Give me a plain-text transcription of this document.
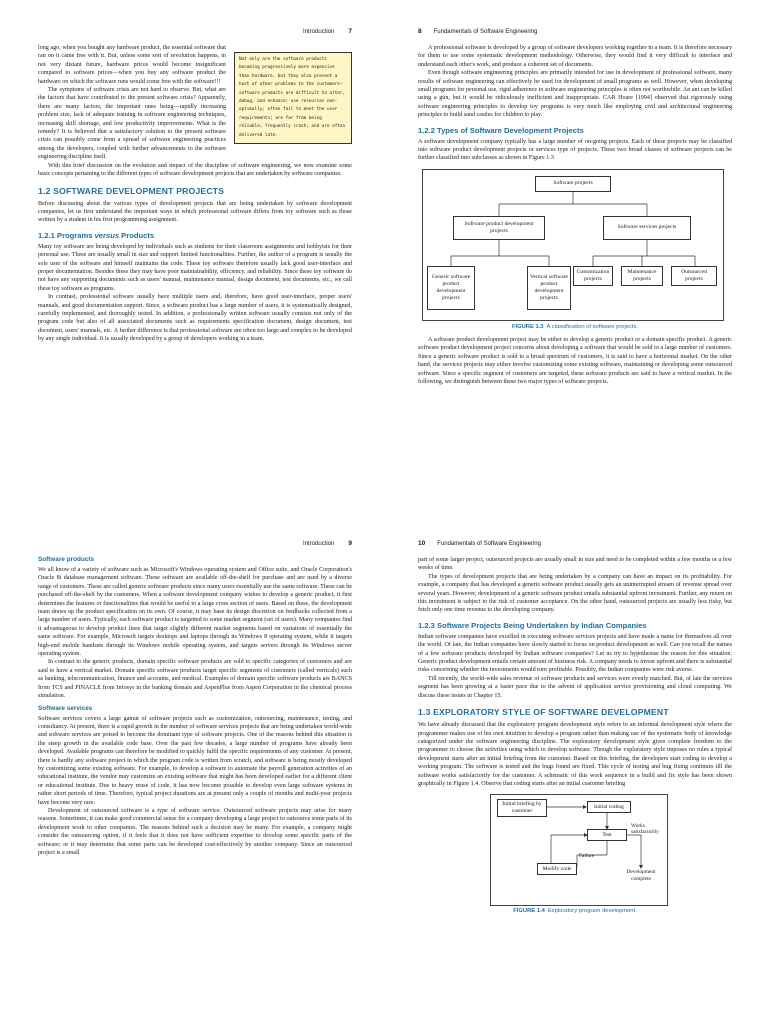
Introduction 7
Not only are the software products becoming progressively more expensive than hardware, but they also present a host of other problems to the customers—software products are difficult to alter, debug, and enhance; use resources non-optimally; often fail to meet the user requirements; are far from being reliable; frequently crash; and are often delivered late.

long ago, when you bought any hardware product, the essential software that ran on it came free with it. But, unless some sort of revolution happens, in not very distant future, hardware prices would become insignificant compared to software prices—when you buy any software product the hardware on which the software runs would come free with the software!!!

The symptoms of software crisis are not hard to observe. But, what are the factors that have contributed to the present software crisis? Apparently, there are many factors, the important ones being—rapidly increasing problem size, lack of adequate training in software engineering techniques, increasing skill shortage, and low productivity improvements. What is the remedy? It is believed that a satisfactory solution to the present software crisis can possibly come from a spread of software engineering practices among the developers, coupled with further advancements to the software engineering discipline itself.

With this brief discussion on the evolution and impact of the discipline of software engineering, we now examine some basic concepts pertaining to the different types of software development projects that are undertaken by software companies.

1.2 SOFTWARE DEVELOPMENT PROJECTS

Before discussing about the various types of development projects that are being undertaken by software development companies, let us first understand the important ways in which professional software differs from toy software such as those written by a student in his first programming assignment.

1.2.1 Programs versus Products

Many toy software are being developed by individuals such as students for their classroom assignments and hobbyists for their personal use. These are usually small in size and support limited functionalities. Further, the author of a program is usually the sole user of the software and himself maintains the code. These toy software therefore usually lack good user-interface and proper documentation. Besides these they may have poor maintainability, efficiency, and reliability. Since these toy software do not have any supporting documents such as users' manual, maintenance manual, design document, test documents, etc., we call these toy software as programs.

In contrast, professional software usually have multiple users and, therefore, have good user-interface, proper users' manuals, and good documentation support. Since, a software product has a large number of users, it is systematically designed, carefully implemented, and thoroughly tested. In addition, a professionally written software usually consists not only of the program code but also of all associated documents such as requirements specification document, design document, test document, users' manuals, etc. A further difference is that professional software are often too large and complex to be developed by any single individual. It is usually developed by a group of developers working in a team.

8 Fundamentals of Software Engineering

A professional software is developed by a group of software developers working together in a team. It is therefore necessary for them to use some systematic development methodology. Otherwise, they would find it very difficult to interface and understand each other's work, and produce a coherent set of documents.

Even though software engineering principles are primarily intended for use in development of professional software, many results of software engineering can effectively be used for development of small programs as well. However, when developing small programs for personal use, rigid adherence to software engineering principles is often not worthwhile. An ant can be killed using a gun, but it would be ridiculously inefficient and inappropriate. CAR Hoare [1994] observed that rigorously using software engineering principles to develop toy programs is very much like employing civil and architectural engineering principles to build sand castles for children to play.

1.2.2 Types of Software Development Projects

A software development company typically has a large number of on-going projects. Each of these projects may be classified into software product development projects or services type of projects. These two broad classes of software projects can be further classified into subclasses as shown in Figure 1.3

Software projects
Software product development projects
Software services projects
Generic software product development projects
Vertical software product development projects
Customization projects
Maintenance projects
Outsourced projects
FIGURE 1.3 A classification of software projects.

A software product development project may be either to develop a generic product or a domain specific product. A generic software product development project concerns about developing a software that would be sold to a large number of customers. Since a generic software product is sold to a broad spectrum of customers, it is said to have a horizontal market. On the other hand, the services projects may either involve customizing some existing software, maintaining or developing some outsourced software. Since a specific segment of customers are targeted, these software products are said to have a vertical market. In the following, we distinguish between these two major types of software projects.

Introduction 9
Software products

We all know of a variety of software such as Microsoft's Windows operating system and Office suite, and Oracle Corporation's Oracle 8i database management software. These software are available off-the-shelf for purchase and are used by a diverse range of customers. These are called generic software products since many users essentially use the same software. These can be purchased off-the-shelf by the customers. When a software development company wishes to develop a generic product, it first determines the features or functionalities that would be useful to a large cross section of users. Based on these, the development team draws up the product specification on its own. Of course, it may base its design discretion on feedbacks collected from a large number of users. Typically, each software product is targetted to some market segment (set of users). Many companies find it advantageous to develop product lines that target slightly different market segments based on variations of essentially the same software. For example, Microsoft targets desktops and laptops through its Windows 8 operating system, while it targets high-end mobile handsets through its Windows mobile operating system, and targets servers through its Windows server operating system.

In contrast to the generic products, domain specific software products are sold to specific categories of customers and are said to have a vertical market. Domain specific software products target specific segments of customers (called verticals) such as banking, telecommunication, finance and accounts, and medical. Examples of domain specific software products are BANCS from TCS and FINACLE from Infosys in the banking domain and AspenPlus from Aspen Corporation in the chemical process simulation.

Software services

Software services covers a large gamut of software projects such as customization, outsourcing, maintenance, testing, and consultancy. At present, there is a rapid growth in the number of software services projects that are being undertaken world-wide and software services are poised to become the dominant type of software projects. One of the reasons behind this situation is the steep growth in the available code base. Over the past few decades, a large number of programs have already been developed. Available programs can therefore be modified to quickly fulfil the specific requirements of any customer. At present, there is hardly any software project in which the program code is written from scratch, and software is being mostly developed by customizing some existing software. For example, to develop a software to automate the payroll generation activities of an educational institute, the vendor may customize an existing software that might has been developed earlier for a different client or educational institute. Due to heavy reuse of code, it has now become possible to develop even large software systems in rather short periods of time. Therefore, typical project durations are at present only a couple of months and multi-year projects have become very rare.

Development of outsourced software is a type of software service. Outsourced software projects may arise for many reasons. Sometimes, it can make good commercial sense for a company developing a large project to outsource some parts of its development work to other companies. The reasons behind such a decision may be many. For example, a company might consider the outsourcing option, if it feels that it does not have sufficient expertise to develop some specific parts of the software; or it may determine that some parts can be developed cost-effectively by another company. Since an outsourced project is a small

10 Fundamentals of Software Engineering

part of some larger project, outsourced projects are usually small in size and need to be completed within a few months or a few weeks of time.

The types of development projects that are being undertaken by a company can have an impact on its profitability. For example, a company that has developed a generic software product usually gets an uninterrupted stream of revenue spread over several years. However, development of a generic software product entails substantial upfront investment. Further, any return on this investment is subject to the risk of customer acceptance. On the other hand, outsourced projects are usually less risky, but fetch only one time revenue to the developing company.

1.2.3 Software Projects Being Undertaken by Indian Companies

Indian software companies have excelled in executing software services projects and have made a name for themselves all over the world. Of late, the Indian companies have slowly started to focus on product development as well. Can you recall the names of a few software products developed by Indian software companies? Let us try to hypothesise the reason for this situation. Generic product development entails certain amount of business risk. A company needs to invest upfront and there is substantial risks concerning whether the investments would turn profitable. Possibly, the Indian companies were risk averse.

Till recently, the world-wide sales revenue of software products and services were evenly matched. But, of late the services segment has been growing at a faster pace due to the advent of application service provisioning and cloud computing. We discuss these issues in Chapter 15.

1.3 EXPLORATORY STYLE OF SOFTWARE DEVELOPMENT

We have already discussed that the exploratory program development style refers to an informal development style where the programmer makes use of his own intuition to develop a program rather than making use of the systematic body of knowledge categorized under the software engineering discipline. The exploratory development style gives complete freedom to the programmer to choose the activities using which to develop software. Though the exploratory style imposes no rules a typical development starts after an initial briefing from the customer. Based on this briefing, the developers start coding to develop a working program. The software is tested and the bugs found are fixed. This cycle of testing and bug fixing continues till the software works satisfactorily for the customer. A schematic of this work sequence in a build and fix style has been shown graphically in Figure 1.4. Observe that coding starts after an initial customer briefing

Initial briefing by customer
Initial coding
Test
Works satisfactorily
Failure
Modify code
Development complete
FIGURE 1.4 Exploratory program development.
